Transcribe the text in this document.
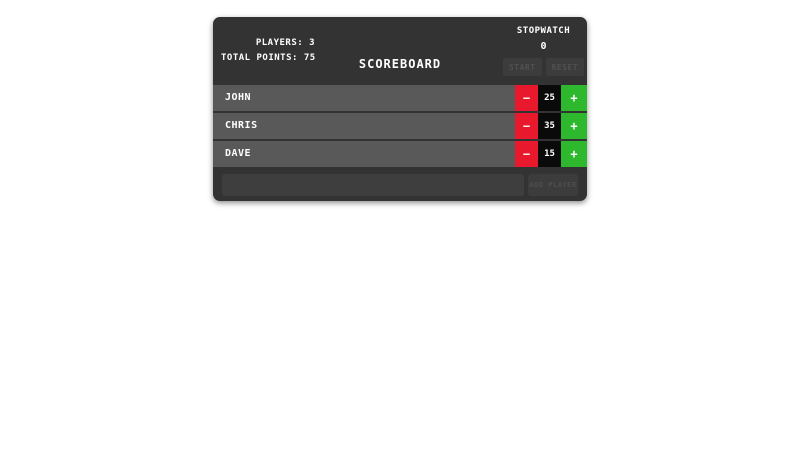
PLAYERS: 3
TOTAL POINTS: 75	SCOREBOARD
STOPWATCH
0
START	RESET
JOHN	−	25	+
CHRIS	−	35	+
DAVE	−	15	+
ADD PLAYER
